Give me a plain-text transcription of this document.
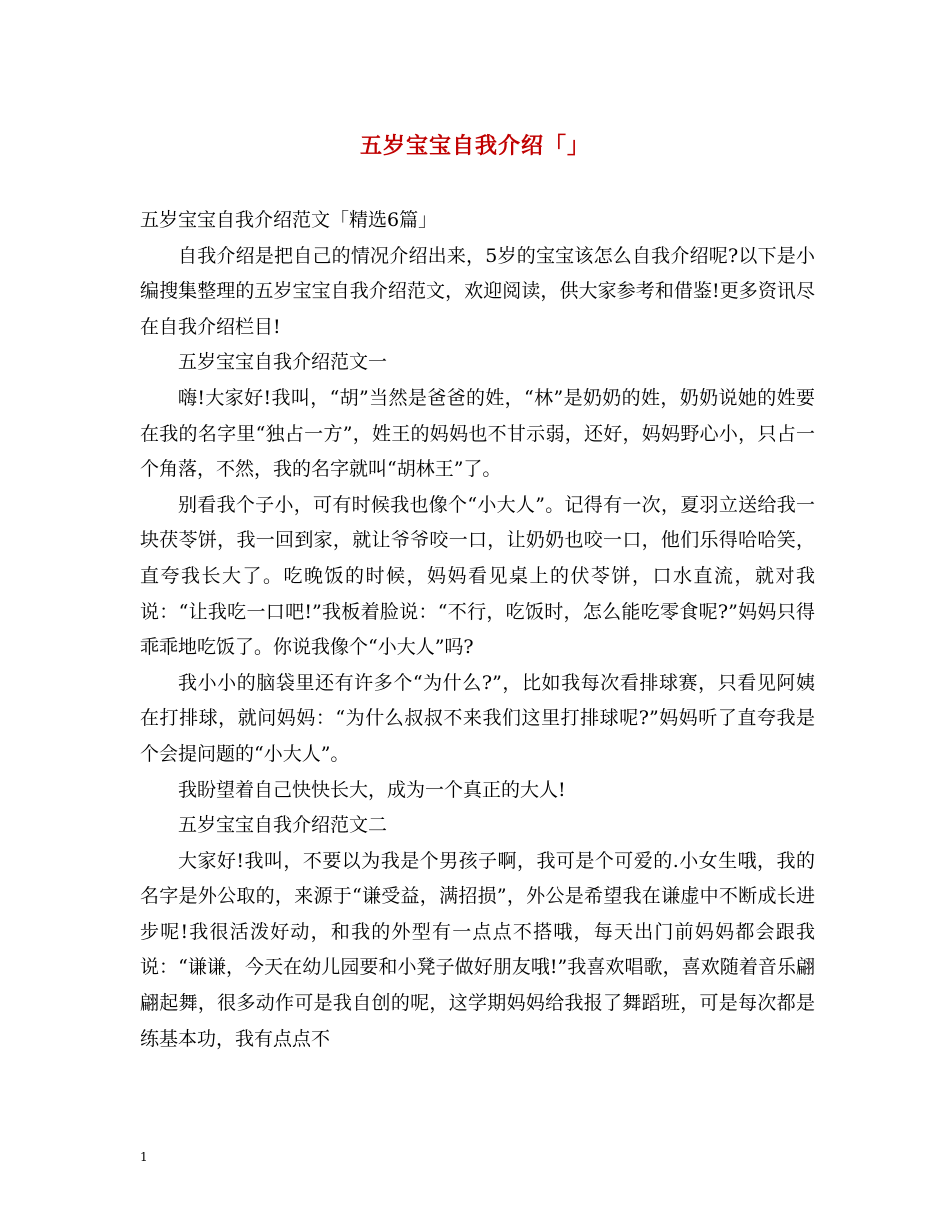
五岁宝宝自我介绍「」

五岁宝宝自我介绍范文「精选6篇」

自我介绍是把自己的情况介绍出来，5岁的宝宝该怎么自我介绍呢?以下是小编搜集整理的五岁宝宝自我介绍范文，欢迎阅读，供大家参考和借鉴!更多资讯尽在自我介绍栏目!

五岁宝宝自我介绍范文一

嗨!大家好!我叫，“胡”当然是爸爸的姓，“林”是奶奶的姓，奶奶说她的姓要在我的名字里“独占一方”，姓王的妈妈也不甘示弱，还好，妈妈野心小，只占一个角落，不然，我的名字就叫“胡林王”了。

别看我个子小，可有时候我也像个“小大人”。记得有一次，夏羽立送给我一块茯苓饼，我一回到家，就让爷爷咬一口，让奶奶也咬一口，他们乐得哈哈笑，直夸我长大了。吃晚饭的时候，妈妈看见桌上的伏苓饼，口水直流，就对我说：“让我吃一口吧!”我板着脸说：“不行，吃饭时，怎么能吃零食呢?”妈妈只得乖乖地吃饭了。你说我像个“小大人”吗?

我小小的脑袋里还有许多个“为什么?”，比如我每次看排球赛，只看见阿姨在打排球，就问妈妈：“为什么叔叔不来我们这里打排球呢?”妈妈听了直夸我是个会提问题的“小大人”。

我盼望着自己快快长大，成为一个真正的大人!

五岁宝宝自我介绍范文二

大家好!我叫，不要以为我是个男孩子啊，我可是个可爱的.小女生哦，我的名字是外公取的，来源于“谦受益，满招损”，外公是希望我在谦虚中不断成长进步呢!我很活泼好动，和我的外型有一点点不搭哦，每天出门前妈妈都会跟我说：“谦谦，今天在幼儿园要和小凳子做好朋友哦!”我喜欢唱歌，喜欢随着音乐翩翩起舞，很多动作可是我自创的呢，这学期妈妈给我报了舞蹈班，可是每次都是练基本功，我有点点不

1
